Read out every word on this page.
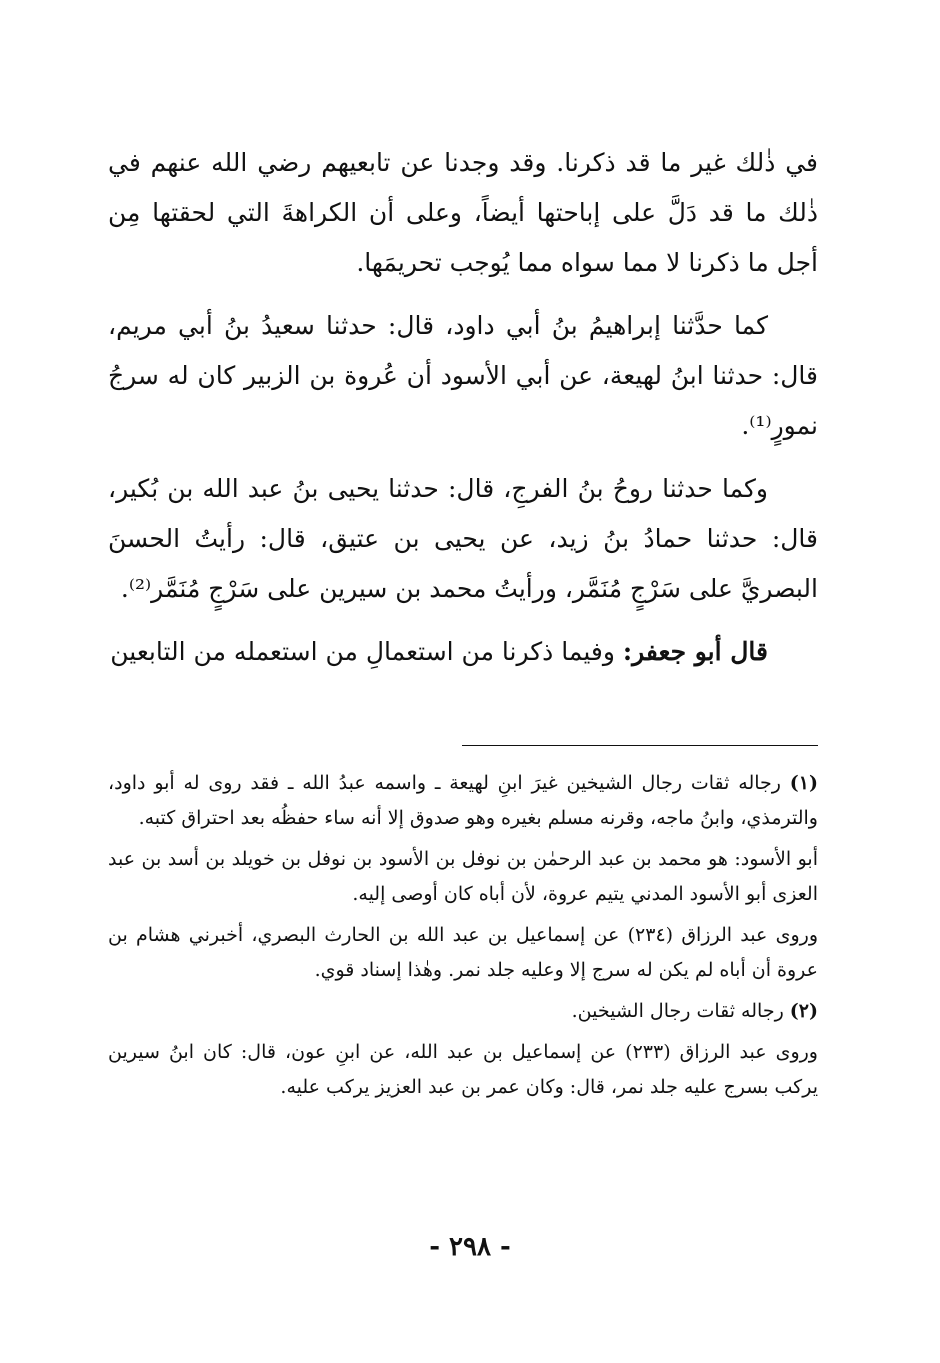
في ذٰلك غير ما قد ذكرنا. وقد وجدنا عن تابعيهم رضي الله عنهم في ذٰلك ما قد دَلَّ على إباحتها أيضاً، وعلى أن الكراهةَ التي لحقتها مِن أجل ما ذكرنا لا مما سواه مما يُوجب تحريمَها.

كما حدَّثنا إبراهيمُ بنُ أبي داود، قال: حدثنا سعيدُ بنُ أبي مريم، قال: حدثنا ابنُ لهيعة، عن أبي الأسود أن عُروة بن الزبير كان له سرجُ نمورٍ⁽¹⁾.

وكما حدثنا روحُ بنُ الفرجِ، قال: حدثنا يحيى بنُ عبد الله بن بُكير، قال: حدثنا حمادُ بنُ زيد، عن يحيى بن عتيق، قال: رأيتُ الحسنَ البصريَّ على سَرْجٍ مُنَمَّر، ورأيتُ محمد بن سيرين على سَرْجٍ مُنَمَّر⁽²⁾.

قال أبو جعفر: وفيما ذكرنا من استعمالِ من استعمله من التابعين

(١) رجاله ثقات رجال الشيخين غيرَ ابنِ لهيعة ـ واسمه عبدُ الله ـ فقد روى له أبو داود، والترمذي، وابنُ ماجه، وقرنه مسلم بغيره وهو صدوق إلا أنه ساء حفظُه بعد احتراق كتبه.

أبو الأسود: هو محمد بن عبد الرحمٰن بن نوفل بن الأسود بن نوفل بن خويلد بن أسد بن عبد العزى أبو الأسود المدني يتيم عروة، لأن أباه كان أوصى إليه.

وروى عبد الرزاق (٢٣٤) عن إسماعيل بن عبد الله بن الحارث البصري، أخبرني هشام بن عروة أن أباه لم يكن له سرج إلا وعليه جلد نمر. وهٰذا إسناد قوي.

(٢) رجاله ثقات رجال الشيخين.

وروى عبد الرزاق (٢٣٣) عن إسماعيل بن عبد الله، عن ابنِ عون، قال: كان ابنُ سيرين يركب بسرج عليه جلد نمر، قال: وكان عمر بن عبد العزيز يركب عليه.

- ٢٩٨ -
